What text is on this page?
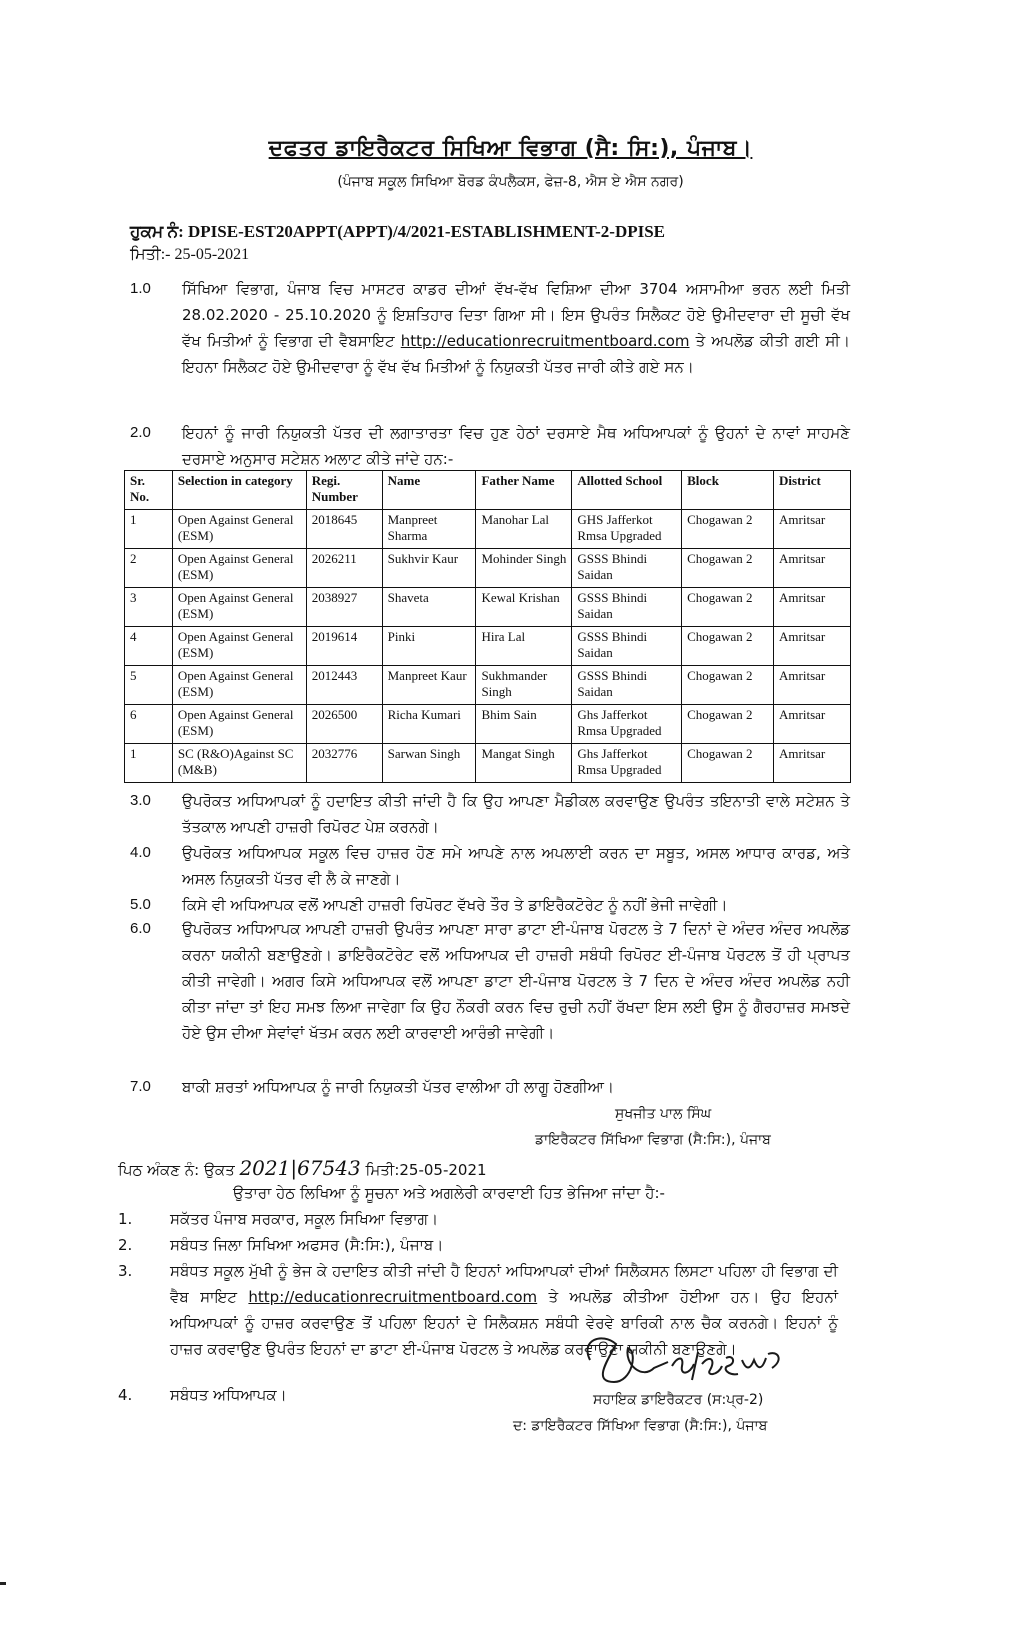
ਦਫਤਰ ਡਾਇਰੈਕਟਰ ਸਿਖਿਆ ਵਿਭਾਗ (ਸੈ: ਸਿ:), ਪੰਜਾਬ।
(ਪੰਜਾਬ ਸਕੂਲ ਸਿਖਿਆ ਬੋਰਡ ਕੰਪਲੈਕਸ, ਫੇਜ਼-8, ਐਸ ਏ ਐਸ ਨਗਰ)
ਹੁਕਮ ਨੰ: DPISE-EST20APPT(APPT)/4/2021-ESTABLISHMENT-2-DPISE
ਮਿਤੀ:- 25-05-2021
1.0 ਸਿੱਖਿਆ ਵਿਭਾਗ, ਪੰਜਾਬ ਵਿਚ ਮਾਸਟਰ ਕਾਡਰ ਦੀਆਂ ਵੱਖ-ਵੱਖ ਵਿਸ਼ਿਆ ਦੀਆ 3704 ਅਸਾਮੀਆ ਭਰਨ ਲਈ ਮਿਤੀ 28.02.2020 - 25.10.2020 ਨੂੰ ਇਸ਼ਤਿਹਾਰ ਦਿਤਾ ਗਿਆ ਸੀ। ਇਸ ਉਪਰੰਤ ਸਿਲੈਕਟ ਹੋਏ ਉਮੀਦਵਾਰਾ ਦੀ ਸੂਚੀ ਵੱਖ ਵੱਖ ਮਿਤੀਆਂ ਨੂੰ ਵਿਭਾਗ ਦੀ ਵੈਬਸਾਇਟ http://educationrecruitmentboard.com ਤੇ ਅਪਲੋਡ ਕੀਤੀ ਗਈ ਸੀ। ਇਹਨਾ ਸਿਲੈਕਟ ਹੋਏ ਉਮੀਦਵਾਰਾ ਨੂੰ ਵੱਖ ਵੱਖ ਮਿਤੀਆਂ ਨੂੰ ਨਿਯੁਕਤੀ ਪੱਤਰ ਜਾਰੀ ਕੀਤੇ ਗਏ ਸਨ।
2.0 ਇਹਨਾਂ ਨੂੰ ਜਾਰੀ ਨਿਯੁਕਤੀ ਪੱਤਰ ਦੀ ਲਗਾਤਾਰਤਾ ਵਿਚ ਹੁਣ ਹੇਠਾਂ ਦਰਸਾਏ ਮੈਥ ਅਧਿਆਪਕਾਂ ਨੂੰ ਉਹਨਾਂ ਦੇ ਨਾਵਾਂ ਸਾਹਮਣੇ ਦਰਸਾਏ ਅਨੁਸਾਰ ਸਟੇਸ਼ਨ ਅਲਾਟ ਕੀਤੇ ਜਾਂਦੇ ਹਨ:-
Sr. No.	Selection in category	Regi. Number	Name	Father Name	Allotted School	Block	District
1	Open Against General (ESM)	2018645	Manpreet Sharma	Manohar Lal	GHS Jafferkot Rmsa Upgraded	Chogawan 2	Amritsar
2	Open Against General (ESM)	2026211	Sukhvir Kaur	Mohinder Singh	GSSS Bhindi Saidan	Chogawan 2	Amritsar
3	Open Against General (ESM)	2038927	Shaveta	Kewal Krishan	GSSS Bhindi Saidan	Chogawan 2	Amritsar
4	Open Against General (ESM)	2019614	Pinki	Hira Lal	GSSS Bhindi Saidan	Chogawan 2	Amritsar
5	Open Against General (ESM)	2012443	Manpreet Kaur	Sukhmander Singh	GSSS Bhindi Saidan	Chogawan 2	Amritsar
6	Open Against General (ESM)	2026500	Richa Kumari	Bhim Sain	Ghs Jafferkot Rmsa Upgraded	Chogawan 2	Amritsar
1	SC (R&O)Against SC (M&B)	2032776	Sarwan Singh	Mangat Singh	Ghs Jafferkot Rmsa Upgraded	Chogawan 2	Amritsar
3.0 ਉਪਰੋਕਤ ਅਧਿਆਪਕਾਂ ਨੂੰ ਹਦਾਇਤ ਕੀਤੀ ਜਾਂਦੀ ਹੈ ਕਿ ਉਹ ਆਪਣਾ ਮੈਡੀਕਲ ਕਰਵਾਉਣ ਉਪਰੰਤ ਤਇਨਾਤੀ ਵਾਲੇ ਸਟੇਸ਼ਨ ਤੇ ਤੱਤਕਾਲ ਆਪਣੀ ਹਾਜ਼ਰੀ ਰਿਪੋਰਟ ਪੇਸ਼ ਕਰਨਗੇ।
4.0 ਉਪਰੋਕਤ ਅਧਿਆਪਕ ਸਕੂਲ ਵਿਚ ਹਾਜ਼ਰ ਹੋਣ ਸਮੇ ਆਪਣੇ ਨਾਲ ਅਪਲਾਈ ਕਰਨ ਦਾ ਸਬੂਤ, ਅਸਲ ਆਧਾਰ ਕਾਰਡ, ਅਤੇ ਅਸਲ ਨਿਯੁਕਤੀ ਪੱਤਰ ਵੀ ਲੈ ਕੇ ਜਾਣਗੇ।
5.0 ਕਿਸੇ ਵੀ ਅਧਿਆਪਕ ਵਲੋਂ ਆਪਣੀ ਹਾਜ਼ਰੀ ਰਿਪੋਰਟ ਵੱਖਰੇ ਤੌਰ ਤੇ ਡਾਇਰੈਕਟੋਰੇਟ ਨੂੰ ਨਹੀਂ ਭੇਜੀ ਜਾਵੇਗੀ।
6.0 ਉਪਰੋਕਤ ਅਧਿਆਪਕ ਆਪਣੀ ਹਾਜ਼ਰੀ ਉਪਰੰਤ ਆਪਣਾ ਸਾਰਾ ਡਾਟਾ ਈ-ਪੰਜਾਬ ਪੋਰਟਲ ਤੇ 7 ਦਿਨਾਂ ਦੇ ਅੰਦਰ ਅੰਦਰ ਅਪਲੋਡ ਕਰਨਾ ਯਕੀਨੀ ਬਣਾਉਣਗੇ। ਡਾਇਰੈਕਟੋਰੇਟ ਵਲੋਂ ਅਧਿਆਪਕ ਦੀ ਹਾਜ਼ਰੀ ਸਬੰਧੀ ਰਿਪੋਰਟ ਈ-ਪੰਜਾਬ ਪੋਰਟਲ ਤੋਂ ਹੀ ਪ੍ਰਾਪਤ ਕੀਤੀ ਜਾਵੇਗੀ। ਅਗਰ ਕਿਸੇ ਅਧਿਆਪਕ ਵਲੋਂ ਆਪਣਾ ਡਾਟਾ ਈ-ਪੰਜਾਬ ਪੋਰਟਲ ਤੇ 7 ਦਿਨ ਦੇ ਅੰਦਰ ਅੰਦਰ ਅਪਲੋਡ ਨਹੀ ਕੀਤਾ ਜਾਂਦਾ ਤਾਂ ਇਹ ਸਮਝ ਲਿਆ ਜਾਵੇਗਾ ਕਿ ਉਹ ਨੌਕਰੀ ਕਰਨ ਵਿਚ ਰੁਚੀ ਨਹੀਂ ਰੱਖਦਾ ਇਸ ਲਈ ਉਸ ਨੂੰ ਗੈਰਹਾਜ਼ਰ ਸਮਝਦੇ ਹੋਏ ਉਸ ਦੀਆ ਸੇਵਾਂਵਾਂ ਖੱਤਮ ਕਰਨ ਲਈ ਕਾਰਵਾਈ ਆਰੰਭੀ ਜਾਵੇਗੀ।
7.0 ਬਾਕੀ ਸ਼ਰਤਾਂ ਅਧਿਆਪਕ ਨੂੰ ਜਾਰੀ ਨਿਯੁਕਤੀ ਪੱਤਰ ਵਾਲੀਆ ਹੀ ਲਾਗੂ ਹੋਣਗੀਆ।
ਸੁਖਜੀਤ ਪਾਲ ਸਿੰਘ
ਡਾਇਰੈਕਟਰ ਸਿੱਖਿਆ ਵਿਭਾਗ (ਸੈ:ਸਿ:), ਪੰਜਾਬ
ਪਿਠ ਅੰਕਣ ਨੰ: ਉਕਤ 2021|67543 ਮਿਤੀ:25-05-2021
ਉਤਾਰਾ ਹੇਠ ਲਿਖਿਆ ਨੂੰ ਸੂਚਨਾ ਅਤੇ ਅਗਲੇਰੀ ਕਾਰਵਾਈ ਹਿਤ ਭੇਜਿਆ ਜਾਂਦਾ ਹੈ:-
1.	ਸਕੱਤਰ ਪੰਜਾਬ ਸਰਕਾਰ, ਸਕੂਲ ਸਿਖਿਆ ਵਿਭਾਗ।
2.	ਸਬੰਧਤ ਜਿਲਾ ਸਿਖਿਆ ਅਫਸਰ (ਸੈ:ਸਿ:), ਪੰਜਾਬ।
3.	ਸਬੰਧਤ ਸਕੂਲ ਮੁੱਖੀ ਨੂੰ ਭੇਜ ਕੇ ਹਦਾਇਤ ਕੀਤੀ ਜਾਂਦੀ ਹੈ ਇਹਨਾਂ ਅਧਿਆਪਕਾਂ ਦੀਆਂ ਸਿਲੈਕਸਨ ਲਿਸਟਾ ਪਹਿਲਾ ਹੀ ਵਿਭਾਗ ਦੀ ਵੈਬ ਸਾਇਟ http://educationrecruitmentboard.com ਤੇ ਅਪਲੋਡ ਕੀਤੀਆ ਹੋਈਆ ਹਨ। ਉਹ ਇਹਨਾਂ ਅਧਿਆਪਕਾਂ ਨੂੰ ਹਾਜ਼ਰ ਕਰਵਾਉਣ ਤੋਂ ਪਹਿਲਾ ਇਹਨਾਂ ਦੇ ਸਿਲੈਕਸ਼ਨ ਸਬੰਧੀ ਵੇਰਵੇ ਬਾਰਿਕੀ ਨਾਲ ਚੈਕ ਕਰਨਗੇ। ਇਹਨਾਂ ਨੂੰ ਹਾਜ਼ਰ ਕਰਵਾਉਣ ਉਪਰੰਤ ਇਹਨਾਂ ਦਾ ਡਾਟਾ ਈ-ਪੰਜਾਬ ਪੋਰਟਲ ਤੇ ਅਪਲੋਡ ਕਰਵਾਉਣਾ ਯਕੀਨੀ ਬਣਾਉਣਗੇ।
4.	ਸਬੰਧਤ ਅਧਿਆਪਕ।	ਸਹਾਇਕ ਡਾਇਰੈਕਟਰ (ਸ:ਪ੍ਰ-2)
ਦ: ਡਾਇਰੈਕਟਰ ਸਿੱਖਿਆ ਵਿਭਾਗ (ਸੈ:ਸਿ:), ਪੰਜਾਬ
